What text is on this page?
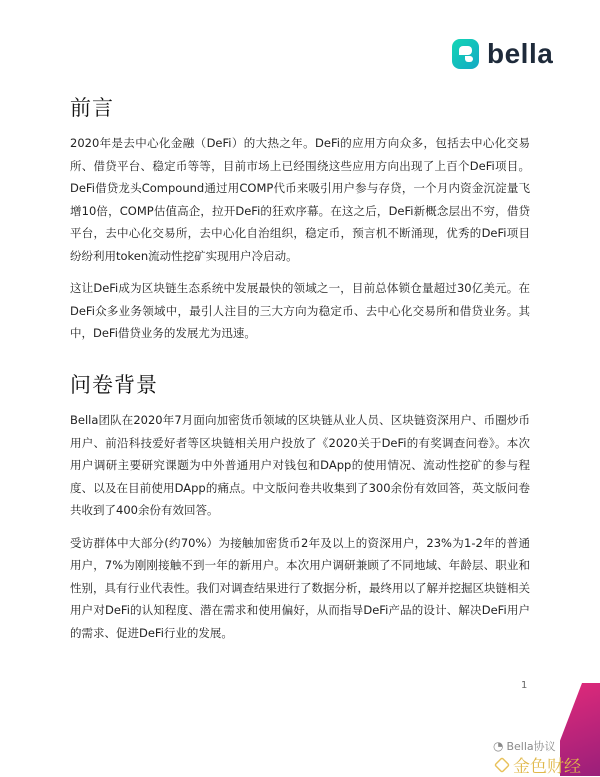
bella
前言

2020年是去中心化金融（DeFi）的大热之年。DeFi的应用方向众多，包括去中心化交易所、借贷平台、稳定币等等，目前市场上已经围绕这些应用方向出现了上百个DeFi项目。DeFi借贷龙头Compound通过用COMP代币来吸引用户参与存贷，一个月内资金沉淀量飞增10倍，COMP估值高企，拉开DeFi的狂欢序幕。在这之后，DeFi新概念层出不穷，借贷平台，去中心化交易所，去中心化自治组织，稳定币，预言机不断涌现，优秀的DeFi项目纷纷利用token流动性挖矿实现用户冷启动。

这让DeFi成为区块链生态系统中发展最快的领域之一，目前总体锁仓量超过30亿美元。在DeFi众多业务领域中，最引人注目的三大方向为稳定币、去中心化交易所和借贷业务。其中，DeFi借贷业务的发展尤为迅速。

问卷背景

Bella团队在2020年7月面向加密货币领域的区块链从业人员、区块链资深用户、币圈炒币用户、前沿科技爱好者等区块链相关用户投放了《2020关于DeFi的有奖调查问卷》。本次用户调研主要研究课题为中外普通用户对钱包和DApp的使用情况、流动性挖矿的参与程度、以及在目前使用DApp的痛点。中文版问卷共收集到了300余份有效回答，英文版问卷共收到了400余份有效回答。

受访群体中大部分(约70%）为接触加密货币2年及以上的资深用户，23%为1-2年的普通用户，7%为刚刚接触不到一年的新用户。本次用户调研兼顾了不同地域、年龄层、职业和性别，具有行业代表性。我们对调查结果进行了数据分析，最终用以了解并挖掘区块链相关用户对DeFi的认知程度、潜在需求和使用偏好，从而指导DeFi产品的设计、解决DeFi用户的需求、促进DeFi行业的发展。

1
◔ Bella协议
金色财经
